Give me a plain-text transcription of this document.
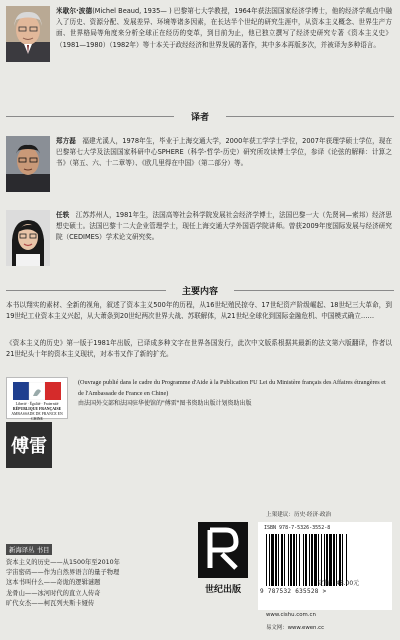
米歇尔·波德(Michel Beaud, 1935— ) 巴黎第七大学教授，1964年获法国国家经济学博士，他的经济学观点中融入了历史、资源分配、发展差异、环境等诸多因素，在长达半个世纪的研究生涯中，从资本主义概念、世界生产方面、世界格局等角度来分析全球正在经历的变革，到目前为止，他已独立撰写了经济史研究专著《资本主义史》（1981—1980）（1982年）等十本关于政经经济和世界发展的著作，其中多本再版多次，并被译为多种语言。
译者
郑方磊 福建尤溪人，1978年生，毕业于上海交通大学，2000年获工学学士学位，2007年获理学硕士学位，现在巴黎第七大学及法国国家科研中心SPHERE（科学-哲学-历史）研究所攻读博士学位，参译《论弦的解释：计算之书》（第五、六、十二章等）、《欧几里得在中国》（第二部分）等。
任轶 江苏苏州人，1981年生，法国高等社会科学院发展社会经济学博士，法国巴黎一大（先贤祠—索邦）经济思想史硕士。法国巴黎十二大企业管理学士，现任上海交通大学外国语学院讲师。曾获2009年度国际发展与经济研究院（CEDIMES）学术论文研究奖。
主要内容
本书以翔实的素材、全新的视角，叙述了资本主义500年的历程，从16世纪殖民掠夺、17世纪资产阶级崛起、18世纪三大革命，到19世纪工业资本主义兴起，从大萧条到20世纪两次世界大战、苏联解体，从21世纪全球化到国际金融危机、中国模式确立……
《资本主义的历史》第一版于1981年出版，已译成多种文字在世界各国发行，此次中文版系根据其最新的法文第六版翻译，作者以21世纪头十年的资本主义现状，对本书又作了新的扩充。
Liberté · Égalité · Fraternité
RÉPUBLIQUE FRANÇAISE
AMBASSADE DE FRANCE EN CHINE
傅雷
(Ouvrage publié dans le cadre du Programme d'Aide à la Publication FU Lei du Ministère français des Affaires étrangères et de l'Ambassade de France en Chine)
由法国外交部和法国驻华使馆的"傅雷"图书资助出版计划资助出版
新海译丛 书目
资本主义的历史——从1500年至2010年
宇宙密码——作为自然界语言的量子物理
这本书叫什么——奇诡的逻辑谜题
龙骨山——冰河时代的直立人传奇
旷代女杰——柯瓦列夫斯卡娅传
世纪出版
上架建议：历史·经济·政治
ISBN 978-7-5326-3552-8
9 787532 635528 >
定价：48.00元
www.cishu.com.cn
易文网：www.ewen.cc
